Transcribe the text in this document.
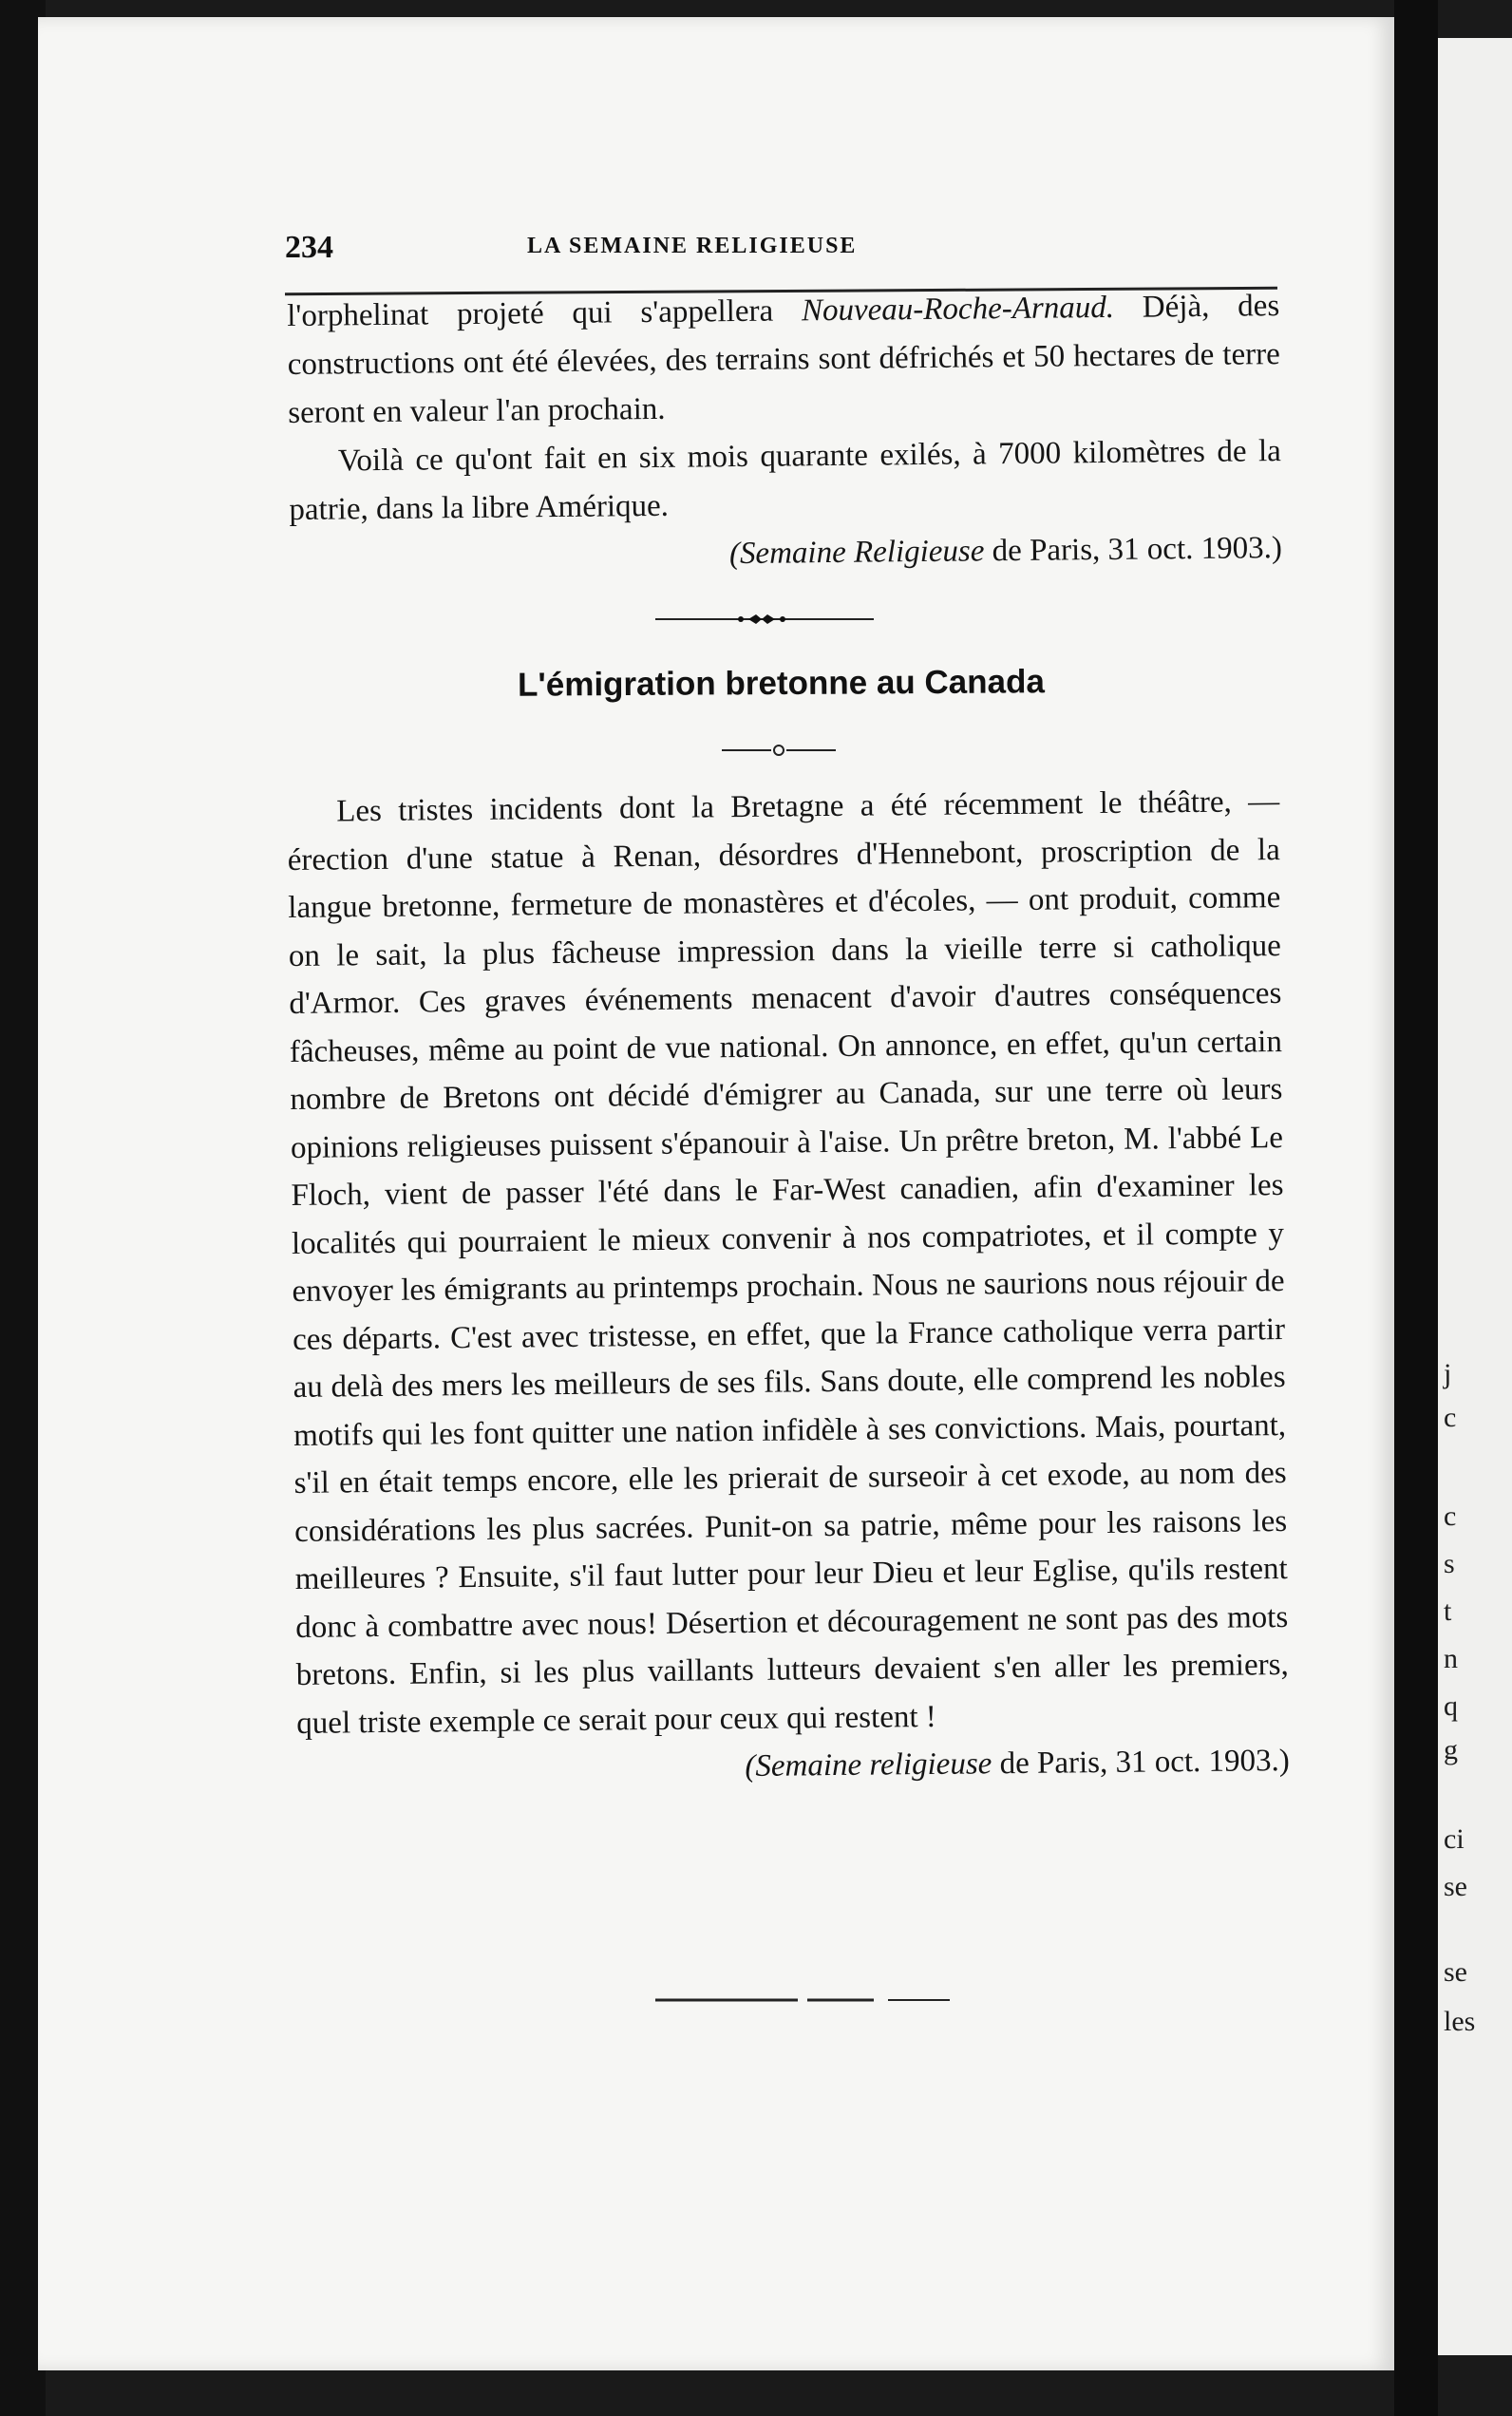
234	LA SEMAINE RELIGIEUSE

l'orphelinat projeté qui s'appellera Nouveau-Roche-Arnaud. Déjà, des constructions ont été élevées, des terrains sont défrichés et 50 hectares de terre seront en valeur l'an prochain.

Voilà ce qu'ont fait en six mois quarante exilés, à 7000 kilomètres de la patrie, dans la libre Amérique.

(Semaine Religieuse de Paris, 31 oct. 1903.)

L'émigration bretonne au Canada

Les tristes incidents dont la Bretagne a été récemment le théâtre, — érection d'une statue à Renan, désordres d'Hennebont, proscription de la langue bretonne, fermeture de monastères et d'écoles, — ont produit, comme on le sait, la plus fâcheuse impression dans la vieille terre si catholique d'Armor. Ces graves événements menacent d'avoir d'autres conséquences fâcheuses, même au point de vue national. On annonce, en effet, qu'un certain nombre de Bretons ont décidé d'émigrer au Canada, sur une terre où leurs opinions religieuses puissent s'épanouir à l'aise. Un prêtre breton, M. l'abbé Le Floch, vient de passer l'été dans le Far-West canadien, afin d'examiner les localités qui pourraient le mieux convenir à nos compatriotes, et il compte y envoyer les émigrants au printemps prochain. Nous ne saurions nous réjouir de ces départs. C'est avec tristesse, en effet, que la France catholique verra partir au delà des mers les meilleurs de ses fils. Sans doute, elle comprend les nobles motifs qui les font quitter une nation infidèle à ses convictions. Mais, pourtant, s'il en était temps encore, elle les prierait de surseoir à cet exode, au nom des considérations les plus sacrées. Punit-on sa patrie, même pour les raisons les meilleures ? Ensuite, s'il faut lutter pour leur Dieu et leur Eglise, qu'ils restent donc à combattre avec nous! Désertion et découragement ne sont pas des mots bretons. Enfin, si les plus vaillants lutteurs devaient s'en aller les premiers, quel triste exemple ce serait pour ceux qui restent !

(Semaine religieuse de Paris, 31 oct. 1903.)

j
c
c
s
t
n
q
g
ci
se
se
les
